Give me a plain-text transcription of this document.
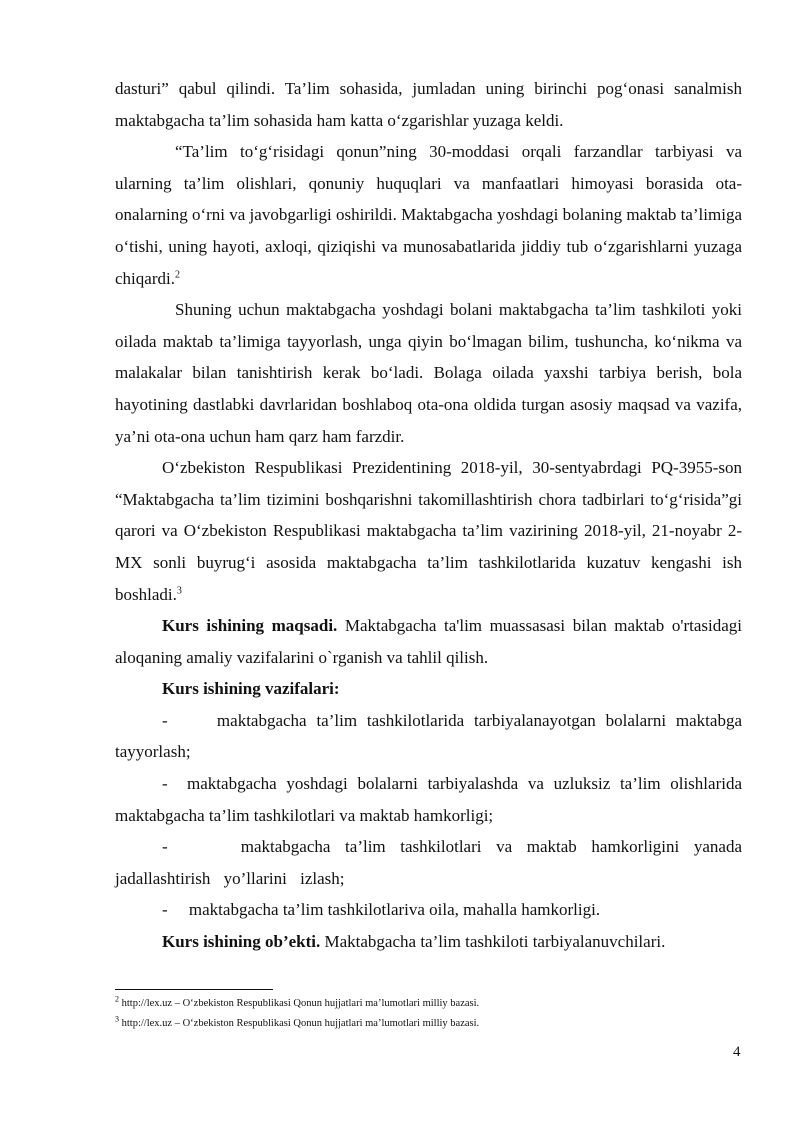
dasturi” qabul qilindi. Ta’lim sohasida, jumladan uning birinchi pog‘onasi sanalmish maktabgacha ta’lim sohasida ham katta o‘zgarishlar yuzaga keldi.

“Ta’lim to‘g‘risidagi qonun”ning 30-moddasi orqali farzandlar tarbiyasi va ularning ta’lim olishlari, qonuniy huquqlari va manfaatlari himoyasi borasida ota-onalarning o‘rni va javobgarligi oshirildi. Maktabgacha yoshdagi bolaning maktab ta’limiga o‘tishi, uning hayoti, axloqi, qiziqishi va munosabatlarida jiddiy tub o‘zgarishlarni yuzaga chiqardi.$^2$

Shuning uchun maktabgacha yoshdagi bolani maktabgacha ta’lim tashkiloti yoki oilada maktab ta’limiga tayyorlash, unga qiyin bo‘lmagan bilim, tushuncha, ko‘nikma va malakalar bilan tanishtirish kerak bo‘ladi. Bolaga oilada yaxshi tarbiya berish, bola hayotining dastlabki davrlaridan boshlaboq ota-ona oldida turgan asosiy maqsad va vazifa, ya’ni ota-ona uchun ham qarz ham farzdir.

O‘zbekiston Respublikasi Prezidentining 2018-yil, 30-sentyabrdagi PQ-3955-son “Maktabgacha ta’lim tizimini boshqarishni takomillashtirish chora tadbirlari to‘g‘risida”gi qarori va O‘zbekiston Respublikasi maktabgacha ta’lim vazirining 2018-yil, 21-noyabr 2-MX sonli buyrug‘i asosida maktabgacha ta’lim tashkilotlarida kuzatuv kengashi ish boshladi.$^3$

Kurs ishining maqsadi. Maktabgacha ta'lim muassasasi bilan maktab o'rtasidagi aloqaning amaliy vazifalarini o`rganish va tahlil qilish.

Kurs ishining vazifalari:

-     maktabgacha ta’lim tashkilotlarida tarbiyalanayotgan bolalarni maktabga tayyorlash;

-  maktabgacha yoshdagi bolalarni tarbiyalashda va uzluksiz ta’lim olishlarida maktabgacha ta’lim tashkilotlari va maktab hamkorligi;

-     maktabgacha ta’lim tashkilotlari va maktab hamkorligini yanada jadallashtirish yo’llarini izlash;

-     maktabgacha ta’lim tashkilotlariva oila, mahalla hamkorligi.

Kurs ishining ob’ekti. Maktabgacha ta’lim tashkiloti tarbiyalanuvchilari.

$^2$ http://lex.uz – O‘zbekiston Respublikasi Qonun hujjatlari ma’lumotlari milliy bazasi.

$^3$ http://lex.uz – O‘zbekiston Respublikasi Qonun hujjatlari ma’lumotlari milliy bazasi.

4
